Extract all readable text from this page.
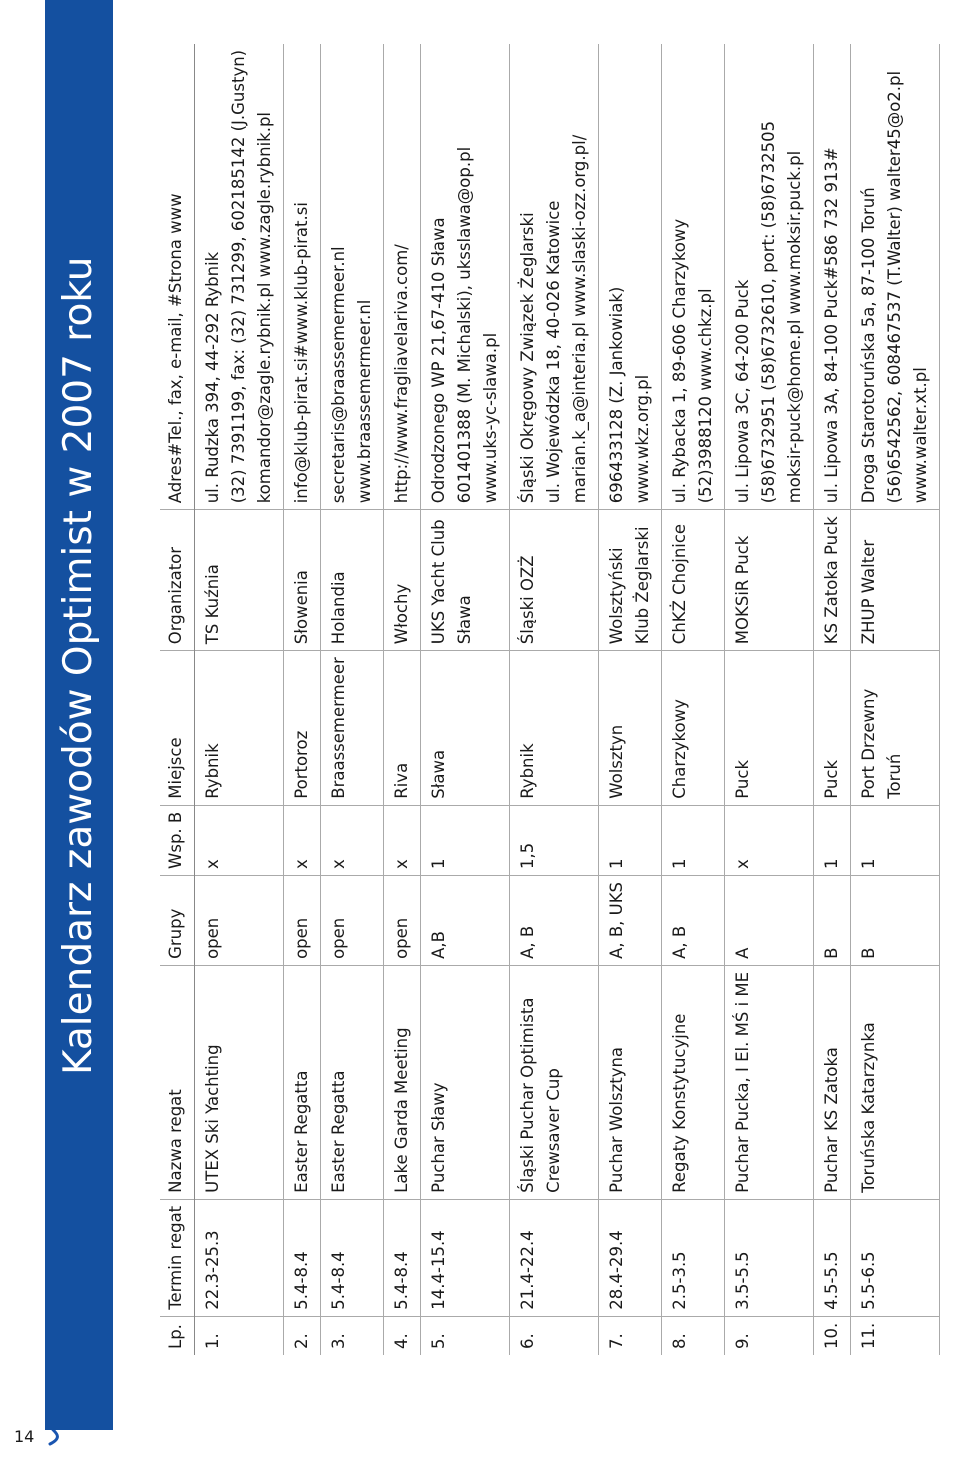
14
Kalendarz zawodów Optimist w 2007 roku
Lp.	Termin regat	Nazwa regat	Grupy	Wsp. B	Miejsce	Organizator	Adres#Tel., fax, e-mail, #Strona www
1.	22.3-25.3	UTEX Ski Yachting	open	x	Rybnik	TS Kuźnia	ul. Rudzka 394, 44-292 Rybnik (32) 7391199, fax: (32) 731299, 602185142 (J.Gustyn) komandor@zagle.rybnik.pl www.zagle.rybnik.pl

2.	5.4-8.4	Easter Regatta	open	x	Portoroz	Słowenia	info@klub-pirat.si#www.klub-pirat.si

3.	5.4-8.4	Easter Regatta	open	x	Braassemermeer	Holandia	secretaris@braassemermeer.nl www.braassemermeer.nl

4.	5.4-8.4	Lake Garda Meeting	open	x	Riva	Włochy	http://www.fragliavelariva.com/

5.	14.4-15.4	Puchar Sławy	A,B	1	Sława	UKS Yacht Club Sława	Odrodzonego WP 21,67-410 Sława 601401388 (M. Michalski), uksslawa@op.pl www.uks-yc-slawa.pl

6.	21.4-22.4	Śląski Puchar Optimista Crewsaver Cup	A, B	1,5	Rybnik	Śląski OZŻ	Śląski Okręgowy Związek Żeglarski ul. Wojewódzka 18, 40-026 Katowice marian.k_a@interia.pl www.slaski-ozz.org.pl/

7.	28.4-29.4	Puchar Wolsztyna	A, B, UKS	1	Wolsztyn	Wolsztyński Klub Żeglarski	696433128 (Z. Jankowiak) www.wkz.org.pl

8.	2.5-3.5	Regaty Konstytucyjne	A, B	1	Charzykowy	ChKŻ Chojnice	ul. Rybacka 1, 89-606 Charzykowy (52)3988120 www.chkz.pl

9.	3.5-5.5	Puchar Pucka, I El. MŚ i ME	A	x	Puck	MOKSiR Puck	ul. Lipowa 3C, 64-200 Puck (58)6732951 (58)6732610, port: (58)6732505 moksir-puck@home.pl www.moksir.puck.pl

10.	4.5-5.5	Puchar KS Zatoka	B	1	Puck	KS Zatoka Puck	ul. Lipowa 3A, 84-100 Puck#586 732 913#

11.	5.5-6.5	Toruńska Katarzynka	B	1	Port Drzewny Toruń	ZHUP Walter	Droga Starotoruńska 5a, 87-100 Toruń (56)6542562, 608467537 (T.Walter) walter45@o2.pl www.walter.xt.pl
